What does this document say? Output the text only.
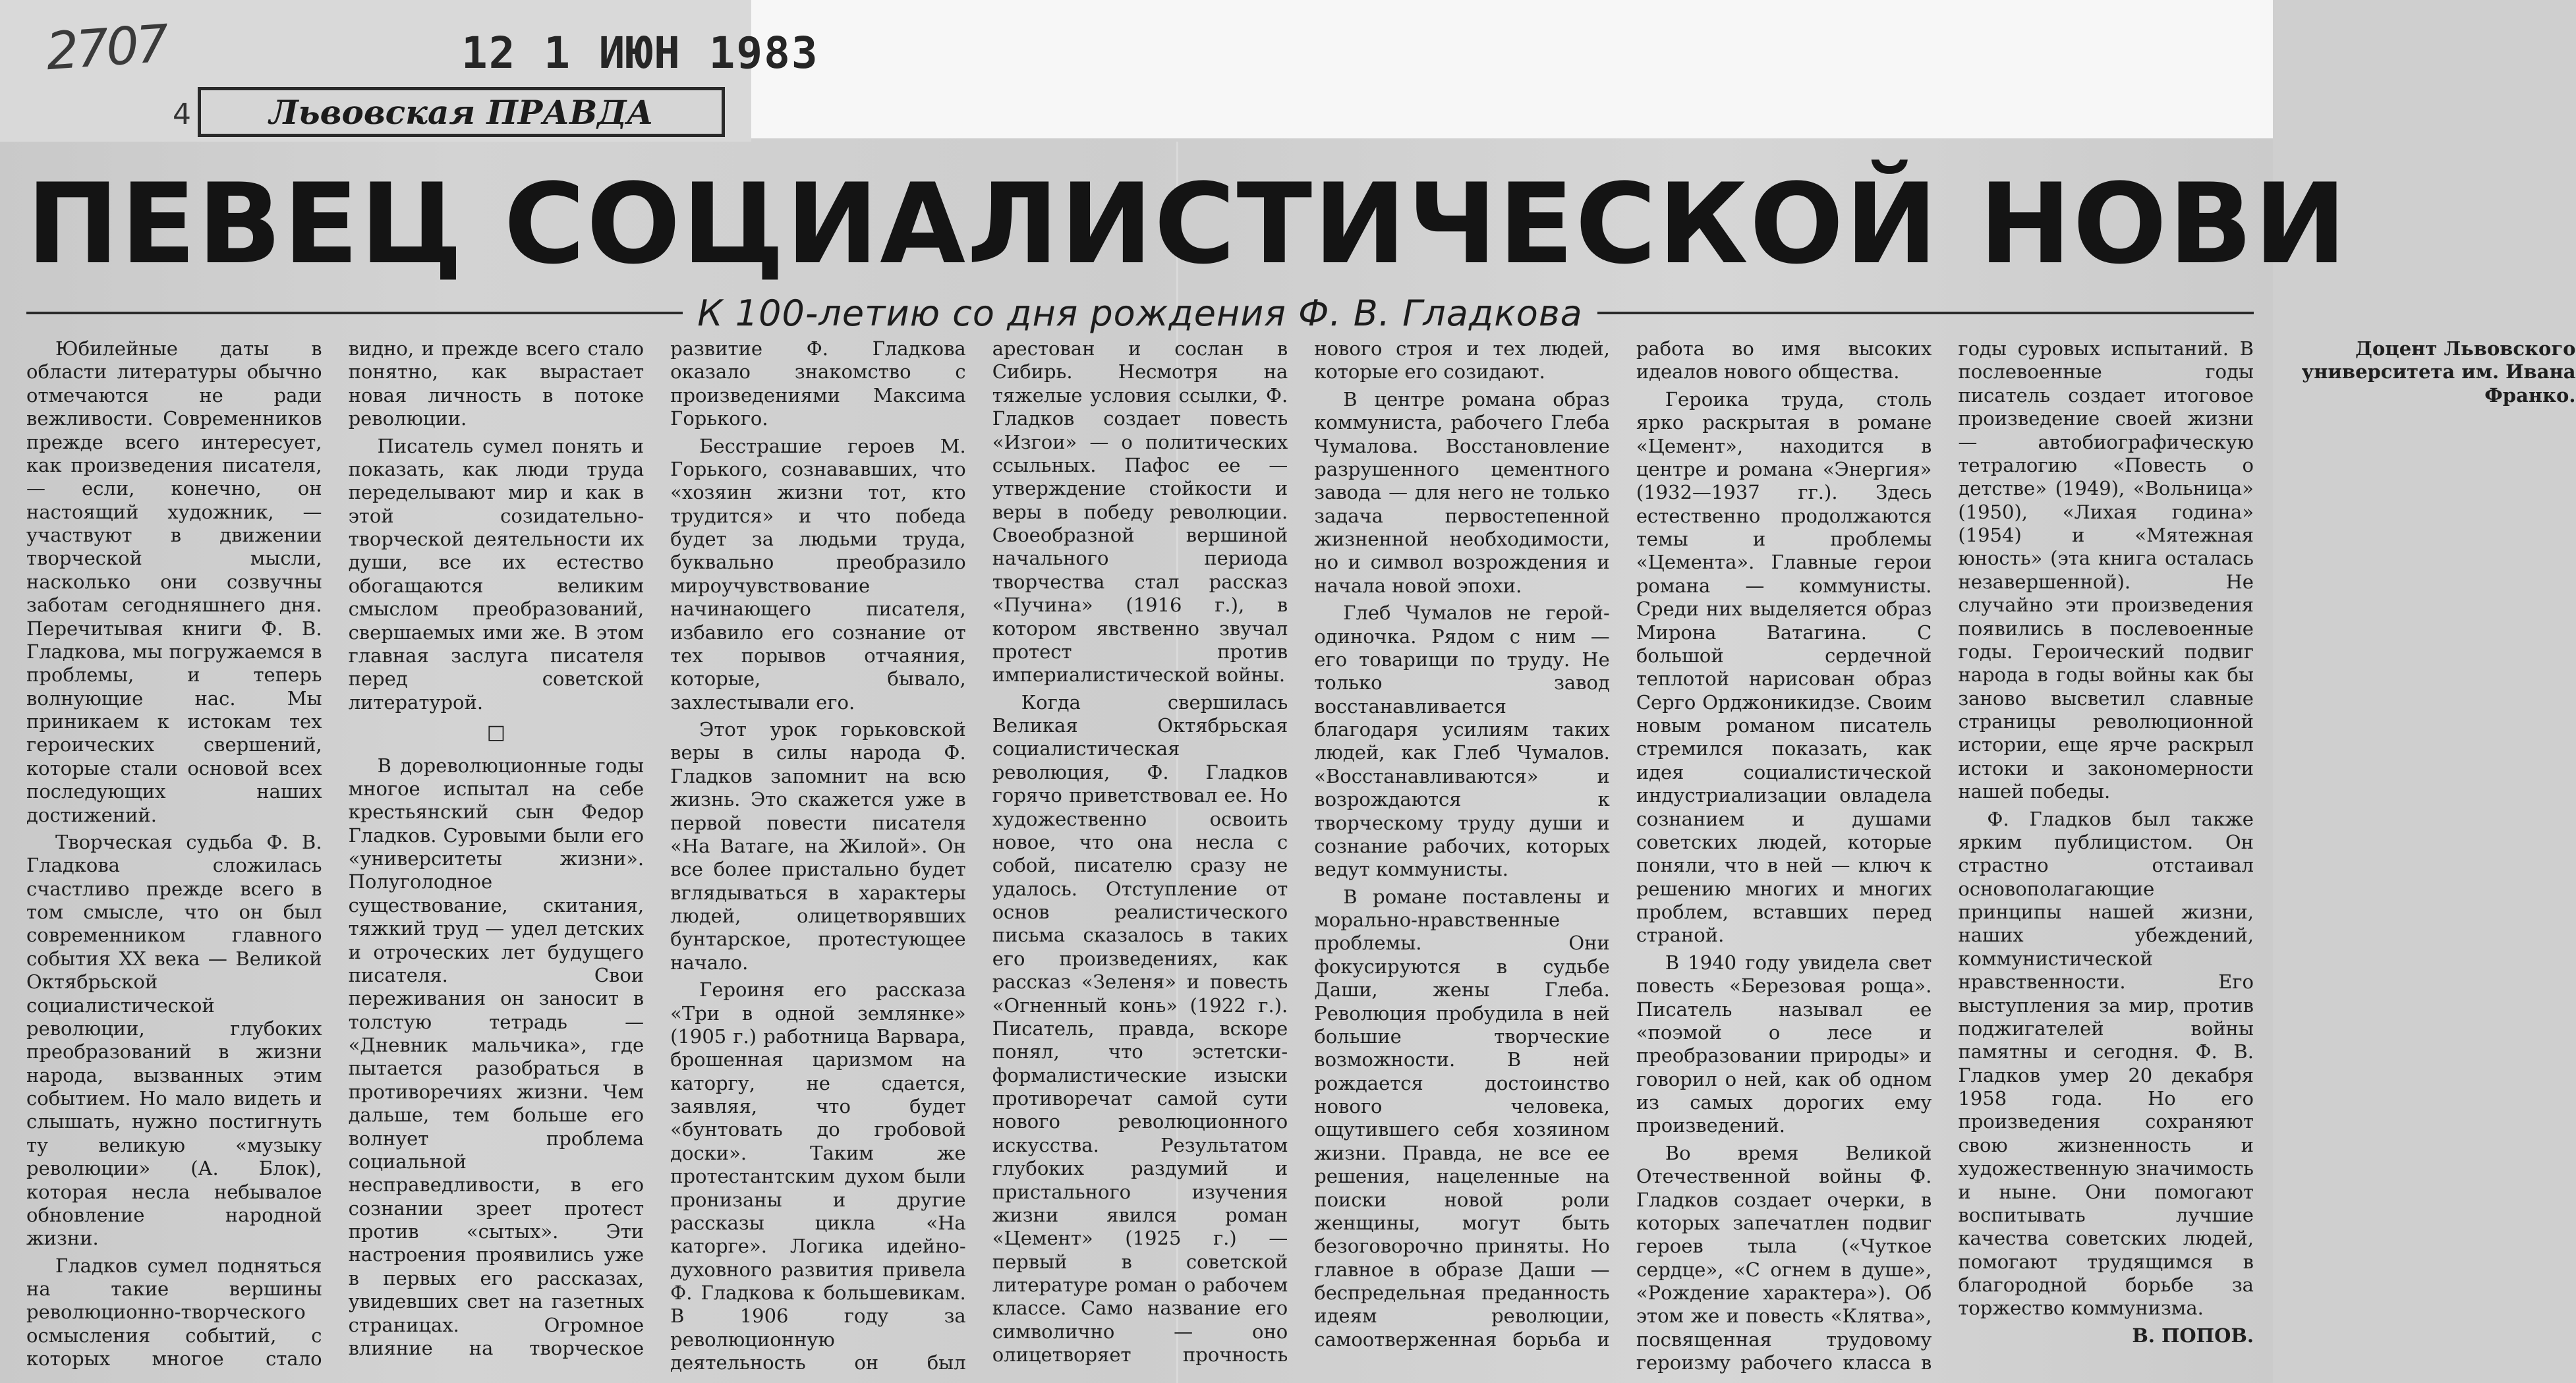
2707	12 1 ИЮН 1983
4	Львовская ПРАВДА
ПЕВЕЦ СОЦИАЛИСТИЧЕСКОЙ НОВИ
К 100-летию со дня рождения Ф. В. Гладкова

Юбилейные даты в области литературы обычно отмечаются не ради вежливости. Современников прежде всего интересует, как произведения писателя, — если, конечно, он настоящий художник, — участвуют в движении творческой мысли, насколько они созвучны заботам сегодняшнего дня. Перечитывая книги Ф. В. Гладкова, мы погружаемся в проблемы, и теперь волнующие нас. Мы приникаем к истокам тех героических свершений, которые стали основой всех последующих наших достижений.

Творческая судьба Ф. В. Гладкова сложилась счастливо прежде всего в том смысле, что он был современником главного события XX века — Великой Октябрьской социалистической революции, глубоких преобразований в жизни народа, вызванных этим событием. Но мало видеть и слышать, нужно постигнуть ту великую «музыку революции» (А. Блок), которая несла небывалое обновление народной жизни.

Гладков сумел подняться на такие вершины революционно-творческого осмысления событий, с которых многое стало видно, и прежде всего стало понятно, как вырастает новая личность в потоке революции.

Писатель сумел понять и показать, как люди труда переделывают мир и как в этой созидательно-творческой деятельности их души, все их естество обогащаются великим смыслом преобразований, свершаемых ими же. В этом главная заслуга писателя перед советской литературой.

□

В дореволюционные годы многое испытал на себе крестьянский сын Федор Гладков. Суровыми были его «университеты жизни». Полуголодное существование, скитания, тяжкий труд — удел детских и отроческих лет будущего писателя. Свои переживания он заносит в толстую тетрадь — «Дневник мальчика», где пытается разобраться в противоречиях жизни. Чем дальше, тем больше его волнует проблема социальной несправедливости, в его сознании зреет протест против «сытых». Эти настроения проявились уже в первых его рассказах, увидевших свет на газетных страницах. Огромное влияние на творческое развитие Ф. Гладкова оказало знакомство с произведениями Максима Горького.

Бесстрашие героев М. Горького, сознававших, что «хозяин жизни тот, кто трудится» и что победа будет за людьми труда, буквально преобразило мироучувствование начинающего писателя, избавило его сознание от тех порывов отчаяния, которые, бывало, захлестывали его.

Этот урок горьковской веры в силы народа Ф. Гладков запомнит на всю жизнь. Это скажется уже в первой повести писателя «На Ватаге, на Жилой». Он все более пристально будет вглядываться в характеры людей, олицетворявших бунтарское, протестующее начало.

Героиня его рассказа «Три в одной землянке» (1905 г.) работница Варвара, брошенная царизмом на каторгу, не сдается, заявляя, что будет «бунтовать до гробовой доски». Таким же протестантским духом были пронизаны и другие рассказы цикла «На каторге». Логика идейно-духовного развития привела Ф. Гладкова к большевикам. В 1906 году за революционную деятельность он был арестован и сослан в Сибирь. Несмотря на тяжелые условия ссылки, Ф. Гладков создает повесть «Изгои» — о политических ссыльных. Пафос ее — утверждение стойкости и веры в победу революции. Своеобразной вершиной начального периода творчества стал рассказ «Пучина» (1916 г.), в котором явственно звучал протест против империалистической войны.

Когда свершилась Великая Октябрьская социалистическая революция, Ф. Гладков горячо приветствовал ее. Но художественно освоить новое, что она несла с собой, писателю сразу не удалось. Отступление от основ реалистического письма сказалось в таких его произведениях, как рассказ «Зеленя» и повесть «Огненный конь» (1922 г.). Писатель, правда, вскоре понял, что эстетски-формалистические изыски противоречат самой сути нового революционного искусства. Результатом глубоких раздумий и пристального изучения жизни явился роман «Цемент» (1925 г.) — первый в советской литературе роман о рабочем классе. Само название его символично — оно олицетворяет прочность нового строя и тех людей, которые его созидают.

В центре романа образ коммуниста, рабочего Глеба Чумалова. Восстановление разрушенного цементного завода — для него не только задача первостепенной жизненной необходимости, но и символ возрождения и начала новой эпохи.

Глеб Чумалов не герой-одиночка. Рядом с ним — его товарищи по труду. Не только завод восстанавливается благодаря усилиям таких людей, как Глеб Чумалов. «Восстанавливаются» и возрождаются к творческому труду души и сознание рабочих, которых ведут коммунисты.

В романе поставлены и морально-нравственные проблемы. Они фокусируются в судьбе Даши, жены Глеба. Революция пробудила в ней большие творческие возможности. В ней рождается достоинство нового человека, ощутившего себя хозяином жизни. Правда, не все ее решения, нацеленные на поиски новой роли женщины, могут быть безоговорочно приняты. Но главное в образе Даши — беспредельная преданность идеям революции, самоотверженная борьба и работа во имя высоких идеалов нового общества.

Героика труда, столь ярко раскрытая в романе «Цемент», находится в центре и романа «Энергия» (1932—1937 гг.). Здесь естественно продолжаются темы и проблемы «Цемента». Главные герои романа — коммунисты. Среди них выделяется образ Мирона Ватагина. С большой сердечной теплотой нарисован образ Серго Орджоникидзе. Своим новым романом писатель стремился показать, как идея социалистической индустриализации овладела сознанием и душами советских людей, которые поняли, что в ней — ключ к решению многих и многих проблем, вставших перед страной.

В 1940 году увидела свет повесть «Березовая роща». Писатель называл ее «поэмой о лесе и преобразовании природы» и говорил о ней, как об одном из самых дорогих ему произведений.

Во время Великой Отечественной войны Ф. Гладков создает очерки, в которых запечатлен подвиг героев тыла («Чуткое сердце», «С огнем в душе», «Рождение характера»). Об этом же и повесть «Клятва», посвященная трудовому героизму рабочего класса в годы суровых испытаний. В послевоенные годы писатель создает итоговое произведение своей жизни — автобиографическую тетралогию «Повесть о детстве» (1949), «Вольница» (1950), «Лихая година» (1954) и «Мятежная юность» (эта книга осталась незавершенной). Не случайно эти произведения появились в послевоенные годы. Героический подвиг народа в годы войны как бы заново высветил славные страницы революционной истории, еще ярче раскрыл истоки и закономерности нашей победы.

Ф. Гладков был также ярким публицистом. Он страстно отстаивал основополагающие принципы нашей жизни, наших убеждений, коммунистической нравственности. Его выступления за мир, против поджигателей войны памятны и сегодня. Ф. В. Гладков умер 20 декабря 1958 года. Но его произведения сохраняют свою жизненность и художественную значимость и ныне. Они помогают воспитывать лучшие качества советских людей, помогают трудящимся в благородной борьбе за торжество коммунизма.

В. ПОПОВ.

Доцент Львовского университета им. Ивана Франко.
